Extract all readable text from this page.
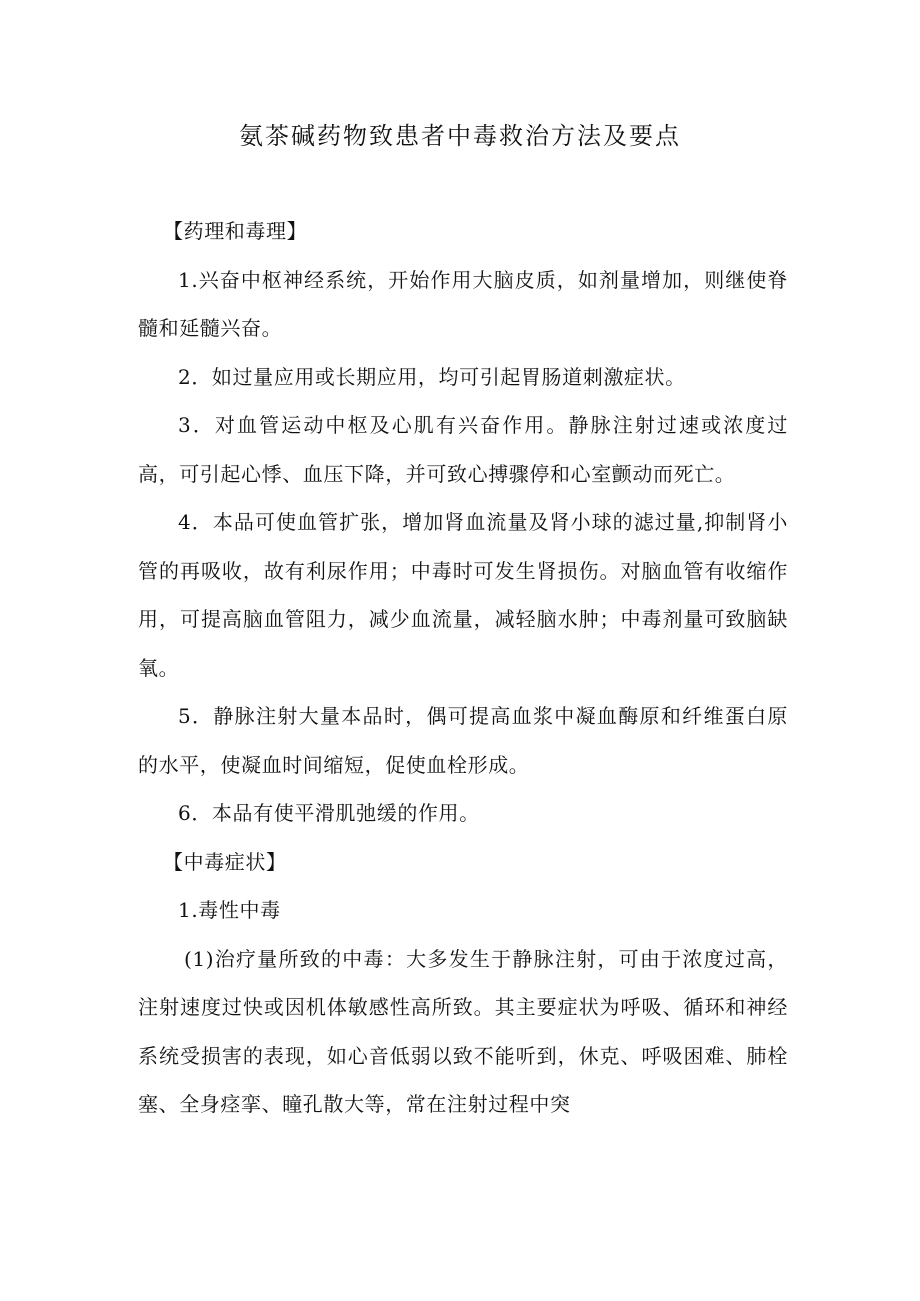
氨茶碱药物致患者中毒救治方法及要点

【药理和毒理】

1.兴奋中枢神经系统，开始作用大脑皮质，如剂量增加，则继使脊髓和延髓兴奋。

2．如过量应用或长期应用，均可引起胃肠道刺激症状。

3．对血管运动中枢及心肌有兴奋作用。静脉注射过速或浓度过高，可引起心悸、血压下降，并可致心搏骤停和心室颤动而死亡。

4．本品可使血管扩张，增加肾血流量及肾小球的滤过量,抑制肾小管的再吸收，故有利尿作用；中毒时可发生肾损伤。对脑血管有收缩作用，可提高脑血管阻力，减少血流量，减轻脑水肿；中毒剂量可致脑缺氧。

5．静脉注射大量本品时，偶可提高血浆中凝血酶原和纤维蛋白原的水平，使凝血时间缩短，促使血栓形成。

6．本品有使平滑肌弛缓的作用。

【中毒症状】

1.毒性中毒

(1)治疗量所致的中毒：大多发生于静脉注射，可由于浓度过高，注射速度过快或因机体敏感性高所致。其主要症状为呼吸、循环和神经系统受损害的表现，如心音低弱以致不能听到，休克、呼吸困难、肺栓塞、全身痉挛、瞳孔散大等，常在注射过程中突
